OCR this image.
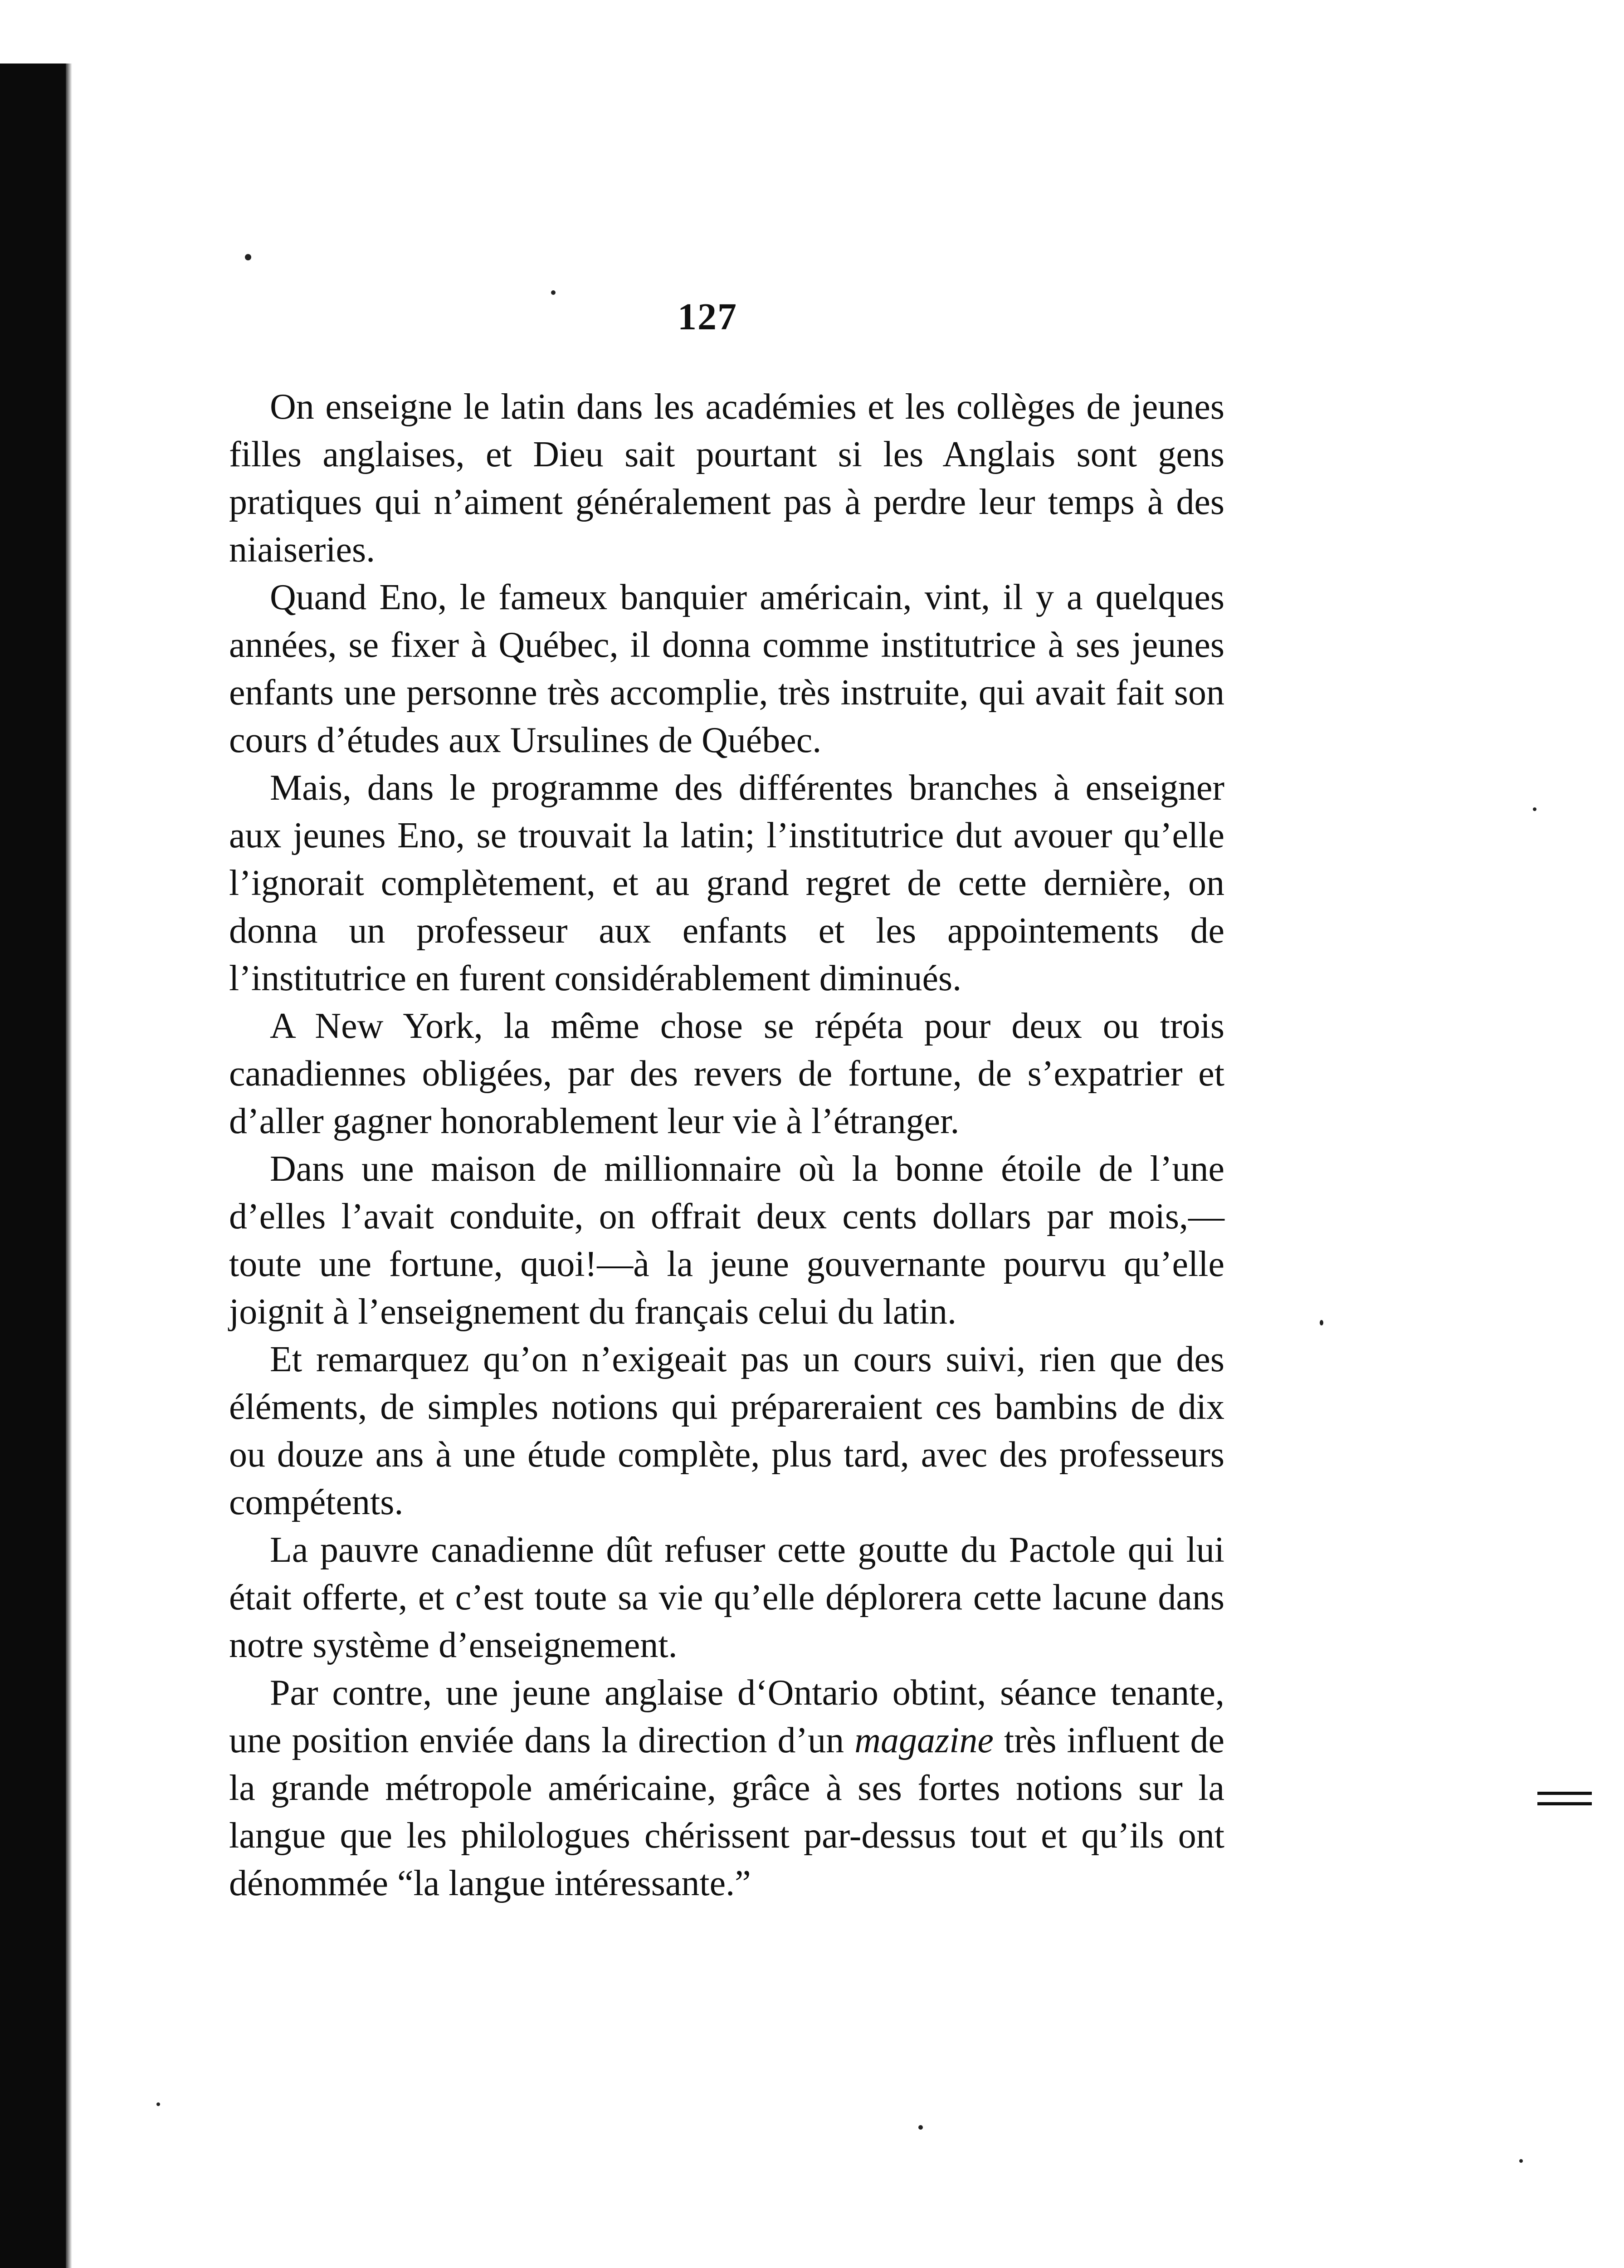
127

On enseigne le latin dans les académies et les collèges de jeunes filles anglaises, et Dieu sait pourtant si les Anglais sont gens pratiques qui n’aiment généralement pas à perdre leur temps à des niaiseries.

Quand Eno, le fameux banquier américain, vint, il y a quelques années, se fixer à Québec, il donna comme institutrice à ses jeunes enfants une personne très accomplie, très instruite, qui avait fait son cours d’études aux Ursulines de Québec.

Mais, dans le programme des différentes branches à enseigner aux jeunes Eno, se trouvait la latin; l’institutrice dut avouer qu’elle l’ignorait complètement, et au grand regret de cette dernière, on donna un professeur aux enfants et les appointements de l’institutrice en furent considérablement diminués.

A New York, la même chose se répéta pour deux ou trois canadiennes obligées, par des revers de fortune, de s’expatrier et d’aller gagner honorablement leur vie à l’étranger.

Dans une maison de millionnaire où la bonne étoile de l’une d’elles l’avait conduite, on offrait deux cents dollars par mois,—toute une fortune, quoi!—à la jeune gouvernante pourvu qu’elle joignit à l’enseignement du français celui du latin.

Et remarquez qu’on n’exigeait pas un cours suivi, rien que des éléments, de simples notions qui prépareraient ces bambins de dix ou douze ans à une étude complète, plus tard, avec des professeurs compétents.

La pauvre canadienne dût refuser cette goutte du Pactole qui lui était offerte, et c’est toute sa vie qu’elle déplorera cette lacune dans notre système d’enseignement.

Par contre, une jeune anglaise d‘Ontario obtint, séance tenante, une position enviée dans la direction d’un magazine très influent de la grande métropole américaine, grâce à ses fortes notions sur la langue que les philologues chérissent par-dessus tout et qu’ils ont dénommée “la langue intéressante.”
